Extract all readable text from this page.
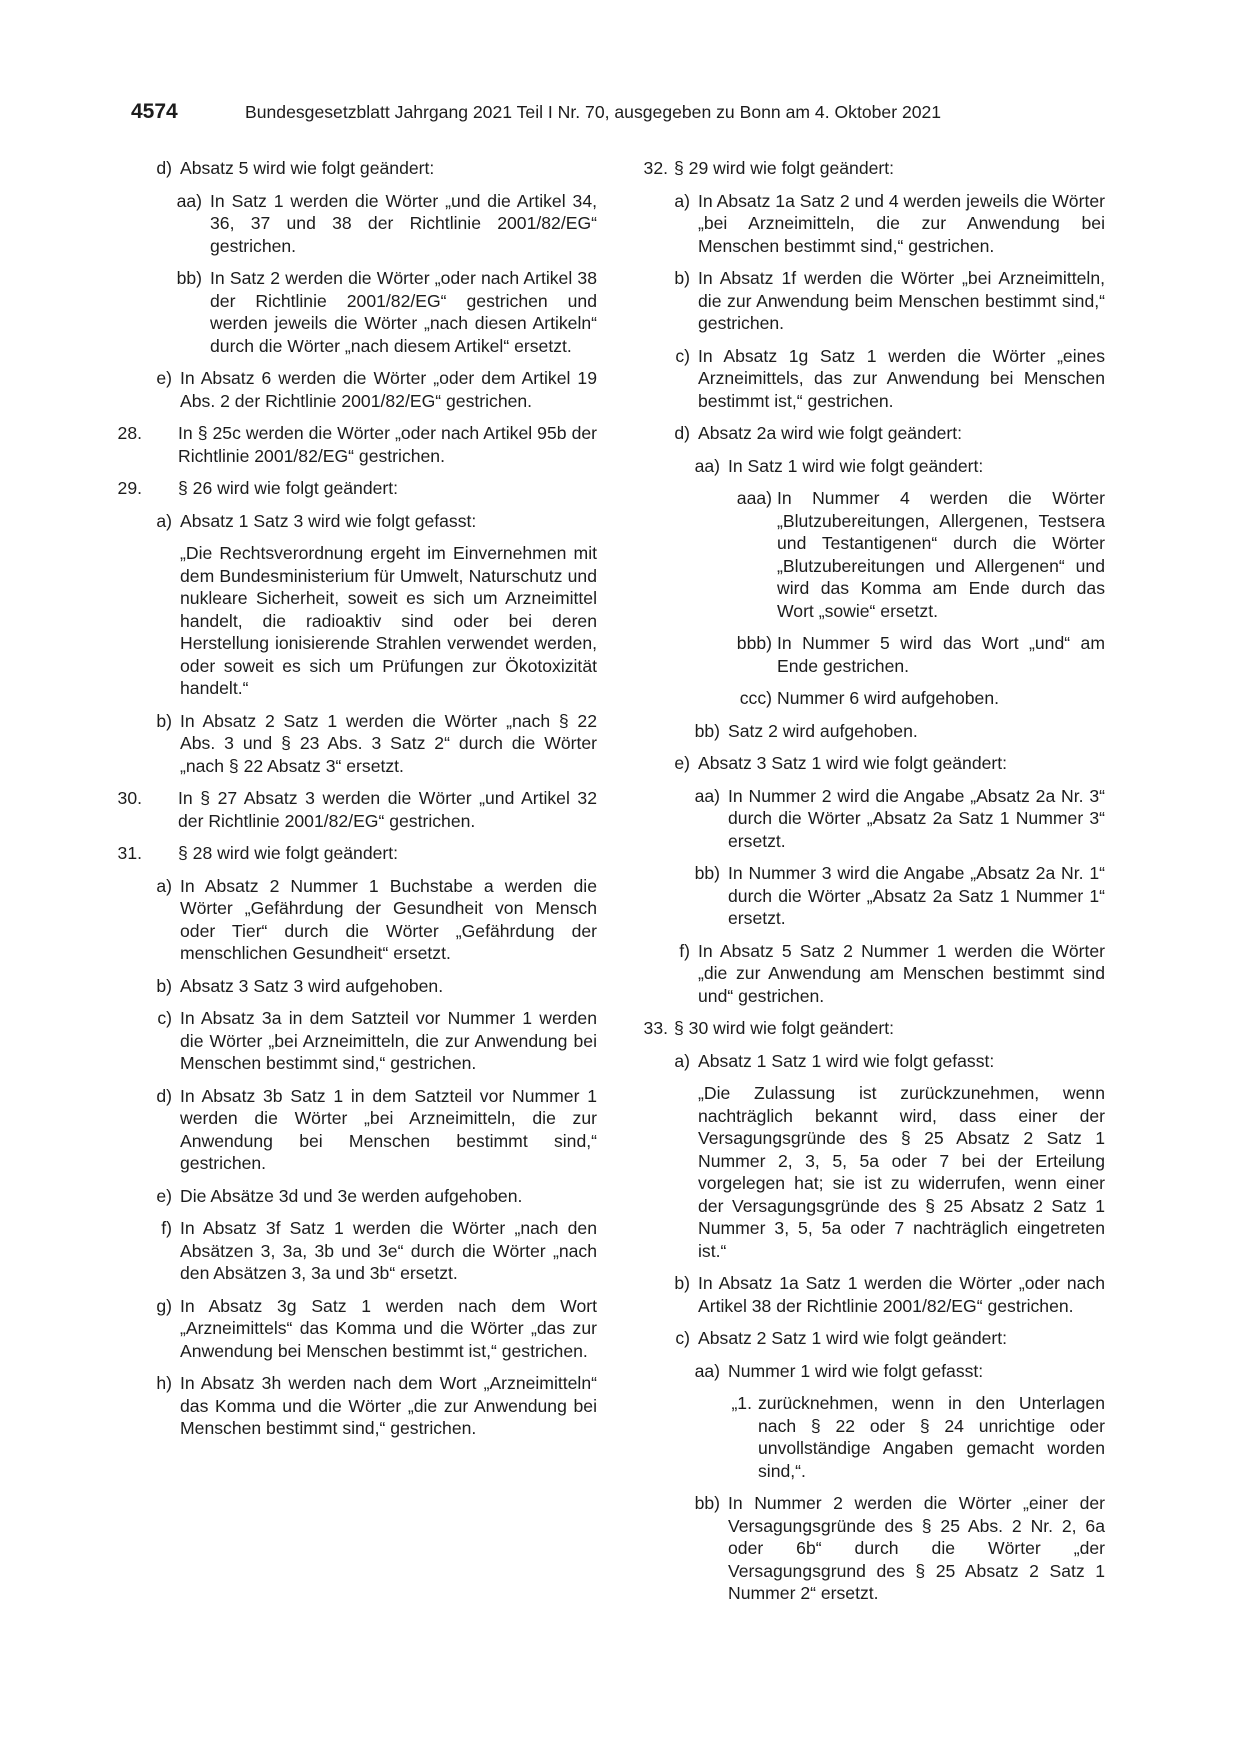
4574	Bundesgesetzblatt Jahrgang 2021 Teil I Nr. 70, ausgegeben zu Bonn am 4. Oktober 2021

d) Absatz 5 wird wie folgt geändert:

aa) In Satz 1 werden die Wörter „und die Artikel 34, 36, 37 und 38 der Richtlinie 2001/82/EG“ gestrichen.

bb) In Satz 2 werden die Wörter „oder nach Artikel 38 der Richtlinie 2001/82/EG“ gestrichen und werden jeweils die Wörter „nach diesen Artikeln“ durch die Wörter „nach diesem Artikel“ ersetzt.

e) In Absatz 6 werden die Wörter „oder dem Artikel 19 Abs. 2 der Richtlinie 2001/82/EG“ gestrichen.

28. In § 25c werden die Wörter „oder nach Artikel 95b der Richtlinie 2001/82/EG“ gestrichen.

29. § 26 wird wie folgt geändert:

a) Absatz 1 Satz 3 wird wie folgt gefasst:

„Die Rechtsverordnung ergeht im Einvernehmen mit dem Bundesministerium für Umwelt, Naturschutz und nukleare Sicherheit, soweit es sich um Arzneimittel handelt, die radioaktiv sind oder bei deren Herstellung ionisierende Strahlen verwendet werden, oder soweit es sich um Prüfungen zur Ökotoxizität handelt.“

b) In Absatz 2 Satz 1 werden die Wörter „nach § 22 Abs. 3 und § 23 Abs. 3 Satz 2“ durch die Wörter „nach § 22 Absatz 3“ ersetzt.

30. In § 27 Absatz 3 werden die Wörter „und Artikel 32 der Richtlinie 2001/82/EG“ gestrichen.

31. § 28 wird wie folgt geändert:

a) In Absatz 2 Nummer 1 Buchstabe a werden die Wörter „Gefährdung der Gesundheit von Mensch oder Tier“ durch die Wörter „Gefährdung der menschlichen Gesundheit“ ersetzt.

b) Absatz 3 Satz 3 wird aufgehoben.

c) In Absatz 3a in dem Satzteil vor Nummer 1 werden die Wörter „bei Arzneimitteln, die zur Anwendung bei Menschen bestimmt sind,“ gestrichen.

d) In Absatz 3b Satz 1 in dem Satzteil vor Nummer 1 werden die Wörter „bei Arzneimitteln, die zur Anwendung bei Menschen bestimmt sind,“ gestrichen.

e) Die Absätze 3d und 3e werden aufgehoben.

f) In Absatz 3f Satz 1 werden die Wörter „nach den Absätzen 3, 3a, 3b und 3e“ durch die Wörter „nach den Absätzen 3, 3a und 3b“ ersetzt.

g) In Absatz 3g Satz 1 werden nach dem Wort „Arzneimittels“ das Komma und die Wörter „das zur Anwendung bei Menschen bestimmt ist,“ gestrichen.

h) In Absatz 3h werden nach dem Wort „Arzneimitteln“ das Komma und die Wörter „die zur Anwendung bei Menschen bestimmt sind,“ gestrichen.

32. § 29 wird wie folgt geändert:

a) In Absatz 1a Satz 2 und 4 werden jeweils die Wörter „bei Arzneimitteln, die zur Anwendung bei Menschen bestimmt sind,“ gestrichen.

b) In Absatz 1f werden die Wörter „bei Arzneimitteln, die zur Anwendung beim Menschen bestimmt sind,“ gestrichen.

c) In Absatz 1g Satz 1 werden die Wörter „eines Arzneimittels, das zur Anwendung bei Menschen bestimmt ist,“ gestrichen.

d) Absatz 2a wird wie folgt geändert:

aa) In Satz 1 wird wie folgt geändert:

aaa) In Nummer 4 werden die Wörter „Blutzubereitungen, Allergenen, Testsera und Testantigenen“ durch die Wörter „Blutzubereitungen und Allergenen“ und wird das Komma am Ende durch das Wort „sowie“ ersetzt.

bbb) In Nummer 5 wird das Wort „und“ am Ende gestrichen.

ccc) Nummer 6 wird aufgehoben.

bb) Satz 2 wird aufgehoben.

e) Absatz 3 Satz 1 wird wie folgt geändert:

aa) In Nummer 2 wird die Angabe „Absatz 2a Nr. 3“ durch die Wörter „Absatz 2a Satz 1 Nummer 3“ ersetzt.

bb) In Nummer 3 wird die Angabe „Absatz 2a Nr. 1“ durch die Wörter „Absatz 2a Satz 1 Nummer 1“ ersetzt.

f) In Absatz 5 Satz 2 Nummer 1 werden die Wörter „die zur Anwendung am Menschen bestimmt sind und“ gestrichen.

33. § 30 wird wie folgt geändert:

a) Absatz 1 Satz 1 wird wie folgt gefasst:

„Die Zulassung ist zurückzunehmen, wenn nachträglich bekannt wird, dass einer der Versagungsgründe des § 25 Absatz 2 Satz 1 Nummer 2, 3, 5, 5a oder 7 bei der Erteilung vorgelegen hat; sie ist zu widerrufen, wenn einer der Versagungsgründe des § 25 Absatz 2 Satz 1 Nummer 3, 5, 5a oder 7 nachträglich eingetreten ist.“

b) In Absatz 1a Satz 1 werden die Wörter „oder nach Artikel 38 der Richtlinie 2001/82/EG“ gestrichen.

c) Absatz 2 Satz 1 wird wie folgt geändert:

aa) Nummer 1 wird wie folgt gefasst:

„1. zurücknehmen, wenn in den Unterlagen nach § 22 oder § 24 unrichtige oder unvollständige Angaben gemacht worden sind,“.

bb) In Nummer 2 werden die Wörter „einer der Versagungsgründe des § 25 Abs. 2 Nr. 2, 6a oder 6b“ durch die Wörter „der Versagungsgrund des § 25 Absatz 2 Satz 1 Nummer 2“ ersetzt.
